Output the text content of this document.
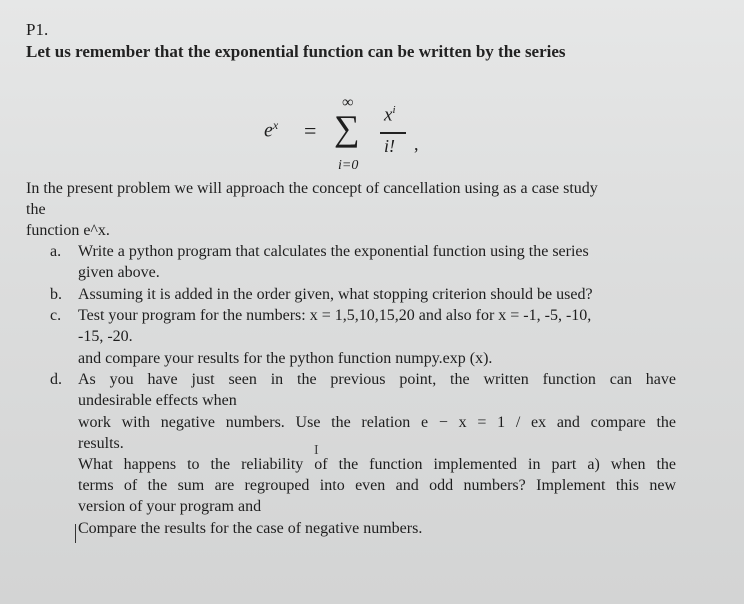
P1.
Let us remember that the exponential function can be written by the series
$e^x$ =
∞
∑
i=0
$x^i$
i! ,
In the present problem we will approach the concept of cancellation using as a case study
the
function e^x.
a. Write a python program that calculates the exponential function using the series
given above.
b. Assuming it is added in the order given, what stopping criterion should be used?
c. Test your program for the numbers: x = 1,5,10,15,20 and also for x = -1, -5, -10,
-15, -20.
and compare your results for the python function numpy.exp (x).
d. As you have just seen in the previous point, the written function can have
undesirable effects when
work with negative numbers. Use the relation e − x = 1 / ex and compare the
results.
What happens to the reliability of the function implemented in part a) when the
terms of the sum are regrouped into even and odd numbers? Implement this new
version of your program and
Compare the results for the case of negative numbers.
I
